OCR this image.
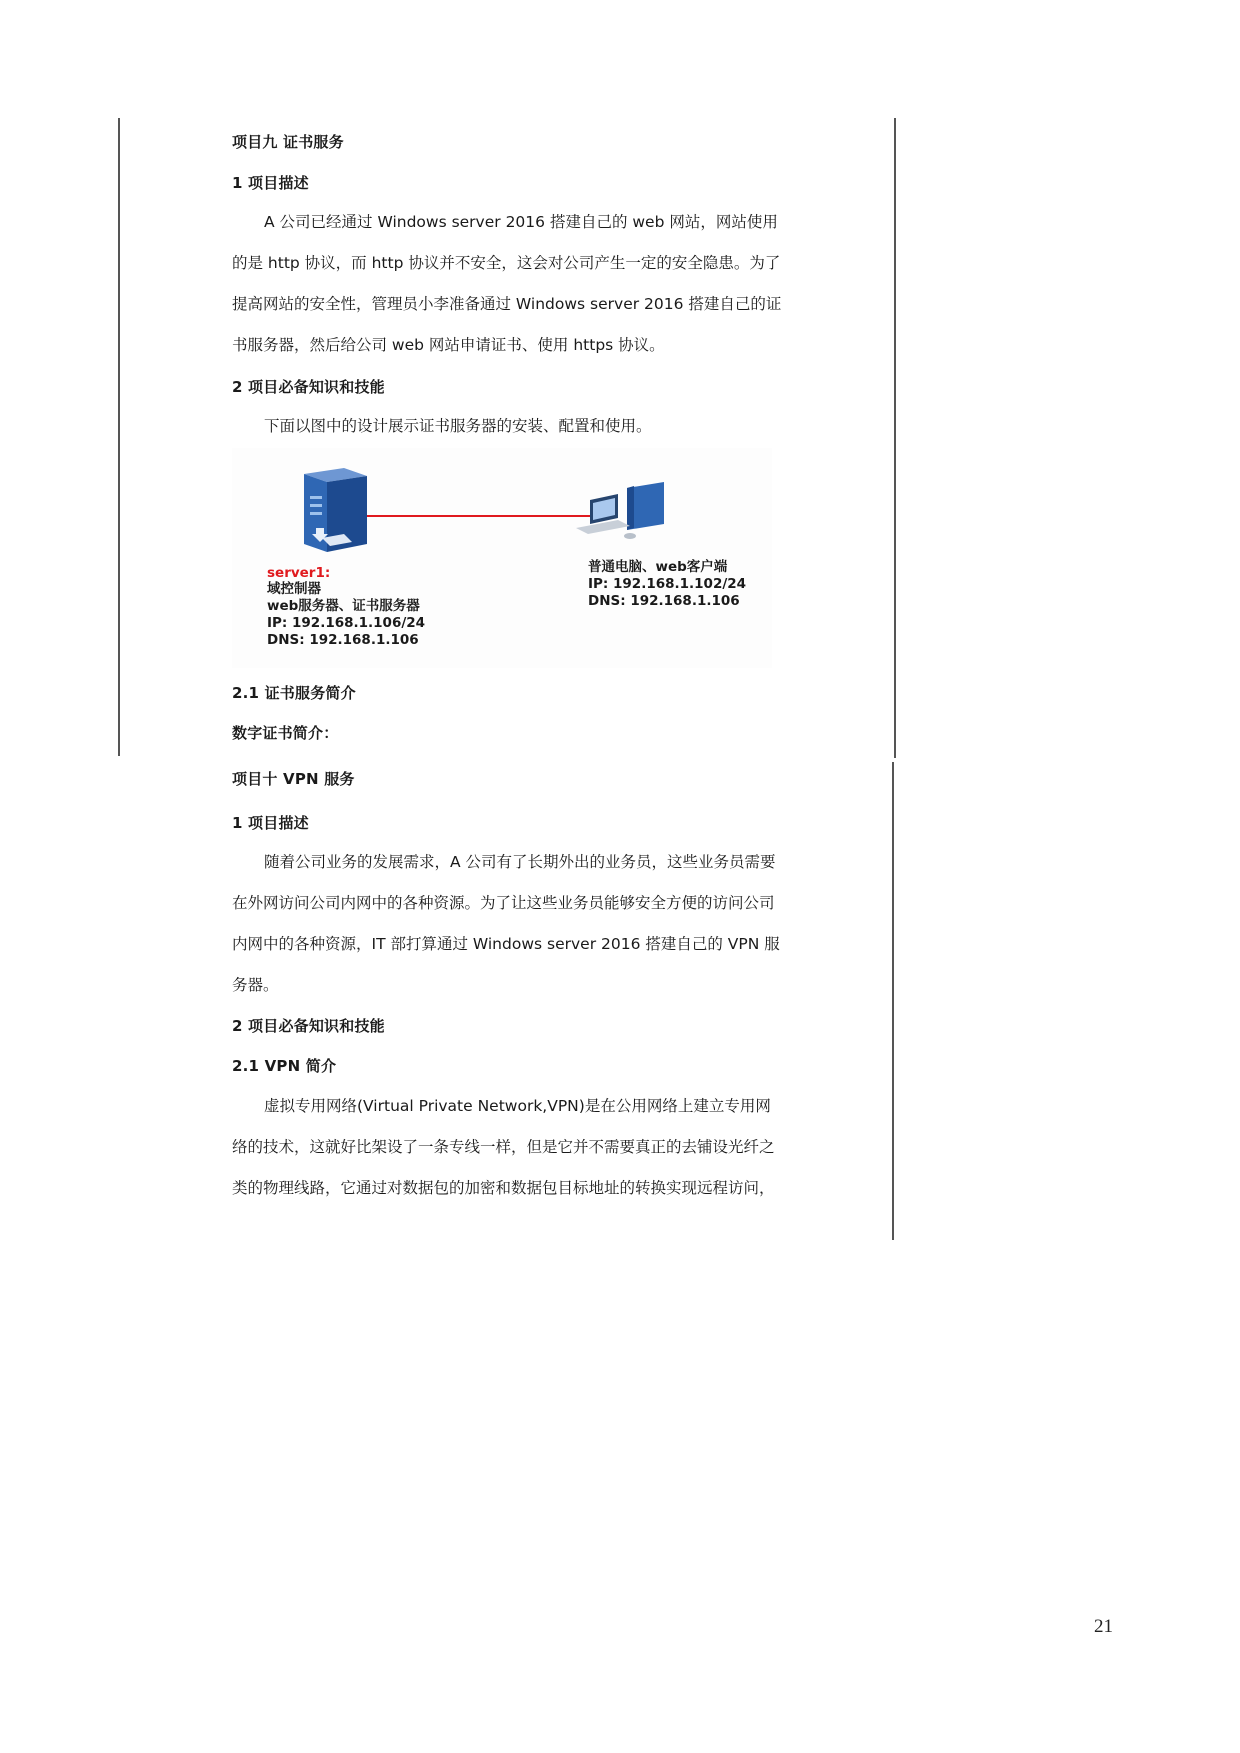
项目九 证书服务
1 项目描述
A 公司已经通过 Windows server 2016 搭建自己的 web 网站，网站使用
的是 http 协议，而 http 协议并不安全，这会对公司产生一定的安全隐患。为了
提高网站的安全性，管理员小李准备通过 Windows server 2016 搭建自己的证
书服务器，然后给公司 web 网站申请证书、使用 https 协议。
2 项目必备知识和技能
下面以图中的设计展示证书服务器的安装、配置和使用。
server1:
域控制器
web服务器、证书服务器
IP: 192.168.1.106/24
DNS: 192.168.1.106
普通电脑、web客户端
IP: 192.168.1.102/24
DNS: 192.168.1.106
2.1 证书服务简介
数字证书简介：
项目十 VPN 服务
1 项目描述
随着公司业务的发展需求，A 公司有了长期外出的业务员，这些业务员需要
在外网访问公司内网中的各种资源。为了让这些业务员能够安全方便的访问公司
内网中的各种资源，IT 部打算通过 Windows server 2016 搭建自己的 VPN 服
务器。
2 项目必备知识和技能
2.1 VPN 简介
虚拟专用网络(Virtual Private Network,VPN)是在公用网络上建立专用网
络的技术，这就好比架设了一条专线一样，但是它并不需要真正的去铺设光纤之
类的物理线路，它通过对数据包的加密和数据包目标地址的转换实现远程访问，
21
